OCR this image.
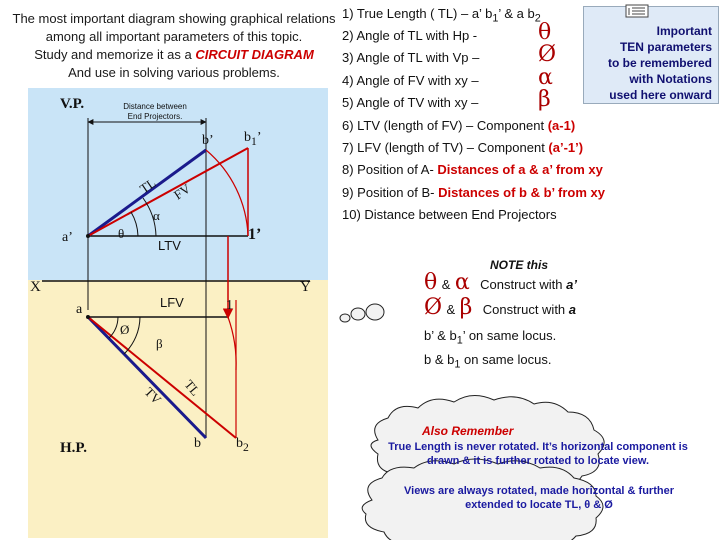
The most important diagram showing graphical relations
among all important parameters of this topic.
Study and memorize it as a CIRCUIT DIAGRAM
And use in solving various problems.
Important
TEN parameters
to be remembered
with Notations
used here onward
1) True Length ( TL) – a’ $b_1$’ & a $b_2$
2) Angle of TL with Hp -
3) Angle of TL with Vp –
4) Angle of FV with xy –
5) Angle of TV with xy –
6) LTV (length of FV) – Component (a-1)
7) LFV (length of TV) – Component (a’-1’)
8) Position of A- Distances of a & a’ from xy
9) Position of B- Distances of b & b’ from xy
10) Distance between End Projectors
θ
Ø
α
β
V.P.
H.P.
Distance between
End Projectors.
b’ $b_1$’
a’	1’
LTV
X	Y
a	LFV	1
b	$b_2$
TL FV
TL
TV
θ
α
Ø
β
NOTE this
θ & α Construct with a’
Ø & β Construct with a
b’ & $b_1$’ on same locus.
b & $b_1$ on same locus.
Also Remember
True Length is never rotated. It’s horizontal component is drawn & it is further rotated to locate view.
Views are always rotated, made horizontal & further extended to locate TL, θ & Ø
